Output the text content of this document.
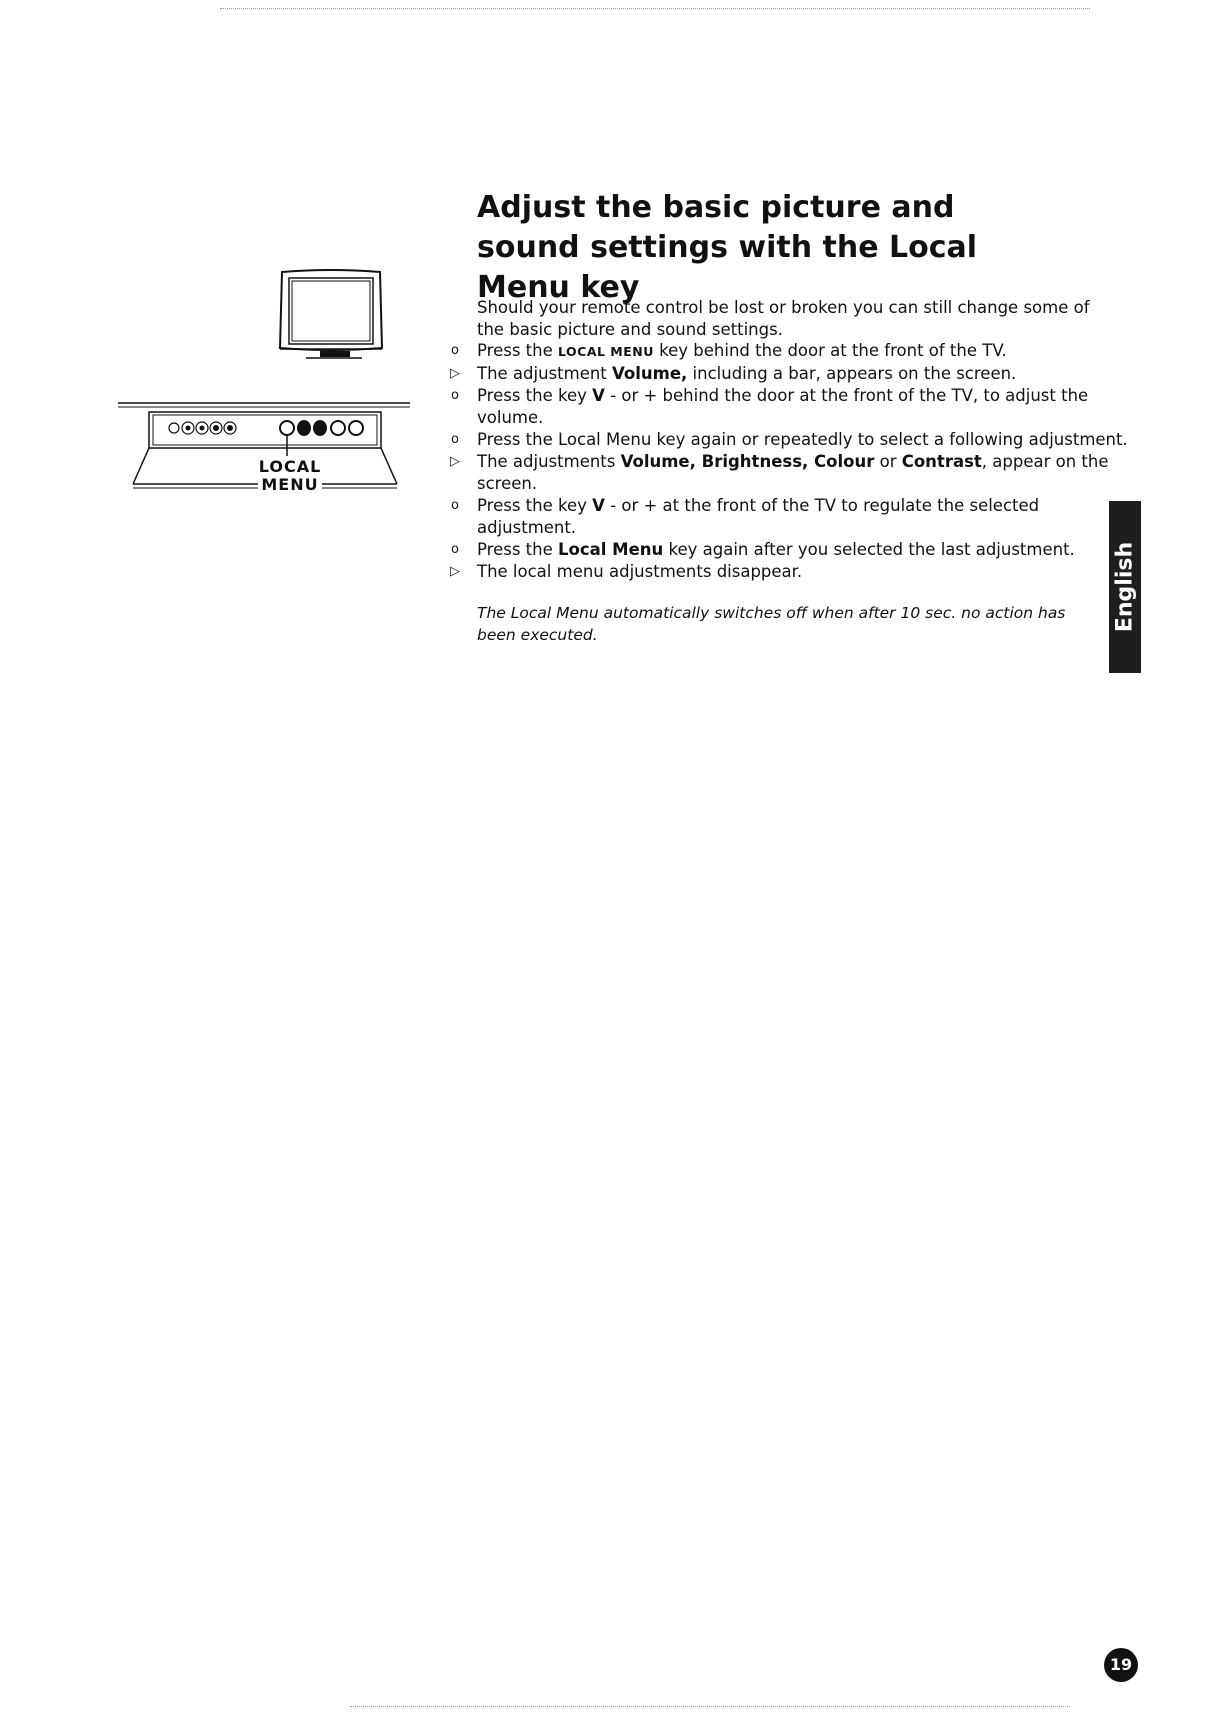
Adjust the basic picture and sound settings with the Local Menu key
Should your remote control be lost or broken you can still change some of the basic picture and sound settings.
o	Press the LOCAL MENU key behind the door at the front of the TV.
▷	The adjustment Volume, including a bar, appears on the screen.
o	Press the key V - or + behind the door at the front of the TV, to adjust the volume.
o	Press the Local Menu key again or repeatedly to select a following adjustment.
▷	The adjustments Volume, Brightness, Colour or Contrast, appear on the screen.
o	Press the key V - or + at the front of the TV to regulate the selected adjustment.
o	Press the Local Menu key again after you selected the last adjustment.
▷	The local menu adjustments disappear.
The Local Menu automatically switches off when after 10 sec. no action has been executed.
LOCAL
MENU
English
19
